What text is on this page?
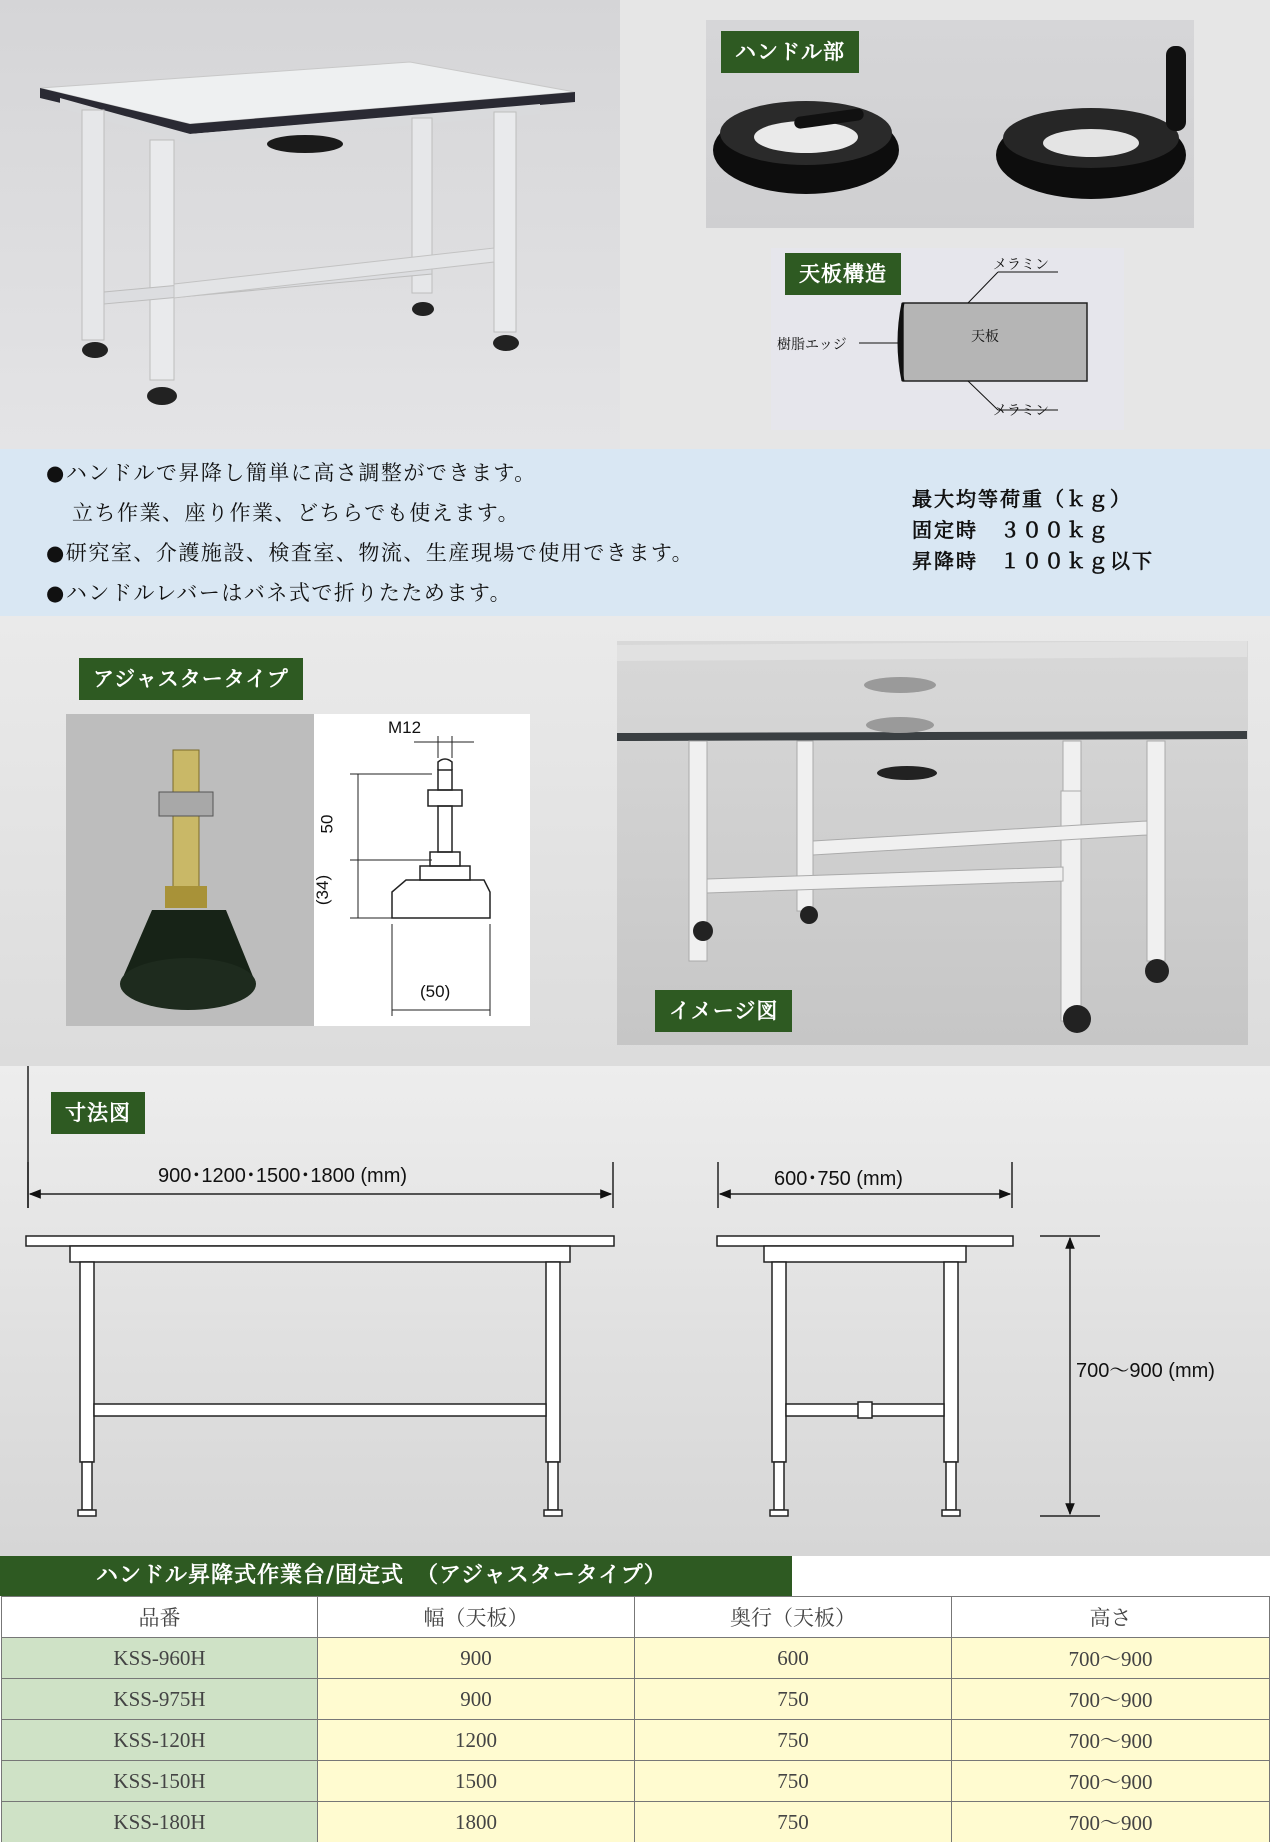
ハンドル部
メラミン
メラミン
樹脂エッジ	天板
天板構造

●ハンドルで昇降し簡単に高さ調整ができます。

立ち作業、座り作業、どちらでも使えます。

●研究室、介護施設、検査室、物流、生産現場で使用できます。

●ハンドルレバーはバネ式で折りたためます。

最大均等荷重（ｋｇ）

固定時　３００ｋｇ

昇降時　１００ｋｇ以下

M12
50
(34)
(50)
アジャスタータイプ
イメージ図
900･1200･1500･1800 (mm)	600･750 (mm)
700～900 (mm)
寸法図
ハンドル昇降式作業台/固定式　（アジャスタータイプ）
品番	幅（天板）	奥行（天板）	高さ
KSS-960H	900	600	700～900
KSS-975H	900	750	700～900
KSS-120H	1200	750	700～900
KSS-150H	1500	750	700～900
KSS-180H	1800	750	700～900
